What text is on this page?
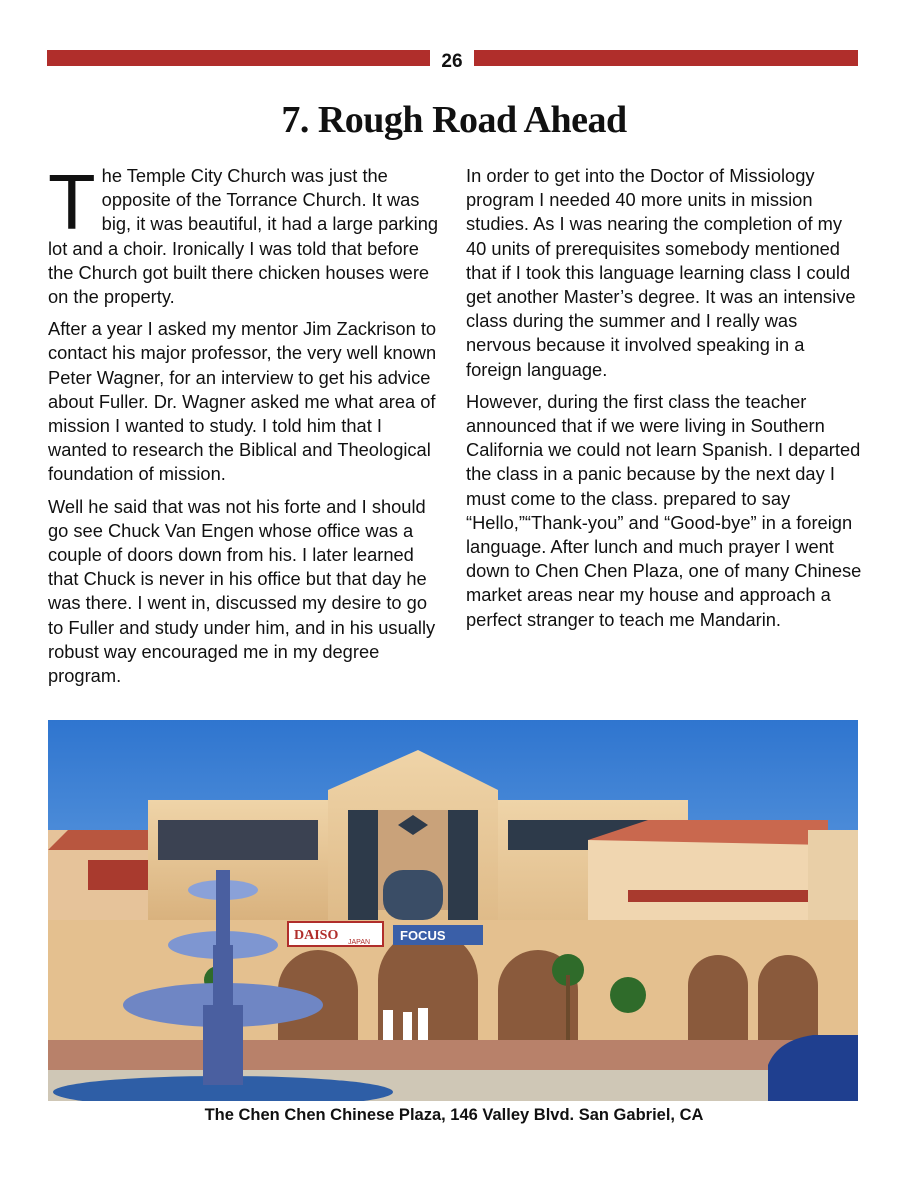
26
7. Rough Road Ahead

The Temple City Church was just the opposite of the Torrance Church. It was big, it was beautiful, it had a large parking lot and a choir. Ironically I was told that before the Church got built there chicken houses were on the property.

After a year I asked my mentor Jim Zackrison to contact his major professor, the very well known Peter Wagner, for an interview to get his advice about Fuller. Dr. Wagner asked me what area of mission I wanted to study. I told him that I wanted to research the Biblical and Theological foundation of mission.

Well he said that was not his forte and I should go see Chuck Van Engen whose office was a couple of doors down from his. I later learned that Chuck is never in his office but that day he was there. I went in, discussed my desire to go to Fuller and study under him, and in his usually robust way encouraged me in my degree program.

In order to get into the Doctor of Missiology program I needed 40 more units in mission studies. As I was nearing the completion of my 40 units of prerequisites somebody mentioned that if I took this language learning class I could get another Master’s degree. It was an intensive class during the summer and I really was nervous because it involved speaking in a foreign language.

However, during the first class the teacher announced that if we were living in Southern California we could not learn Spanish. I departed the class in a panic because by the next day I must come to the class. prepared to say “Hello,”“Thank-you” and “Good-bye” in a foreign language. After lunch and much prayer I went down to Chen Chen Plaza, one of many Chinese market areas near my house and approach a perfect stranger to teach me Mandarin.

DAISO JAPAN FOCUS
The Chen Chen Chinese Plaza, 146 Valley Blvd. San Gabriel, CA
